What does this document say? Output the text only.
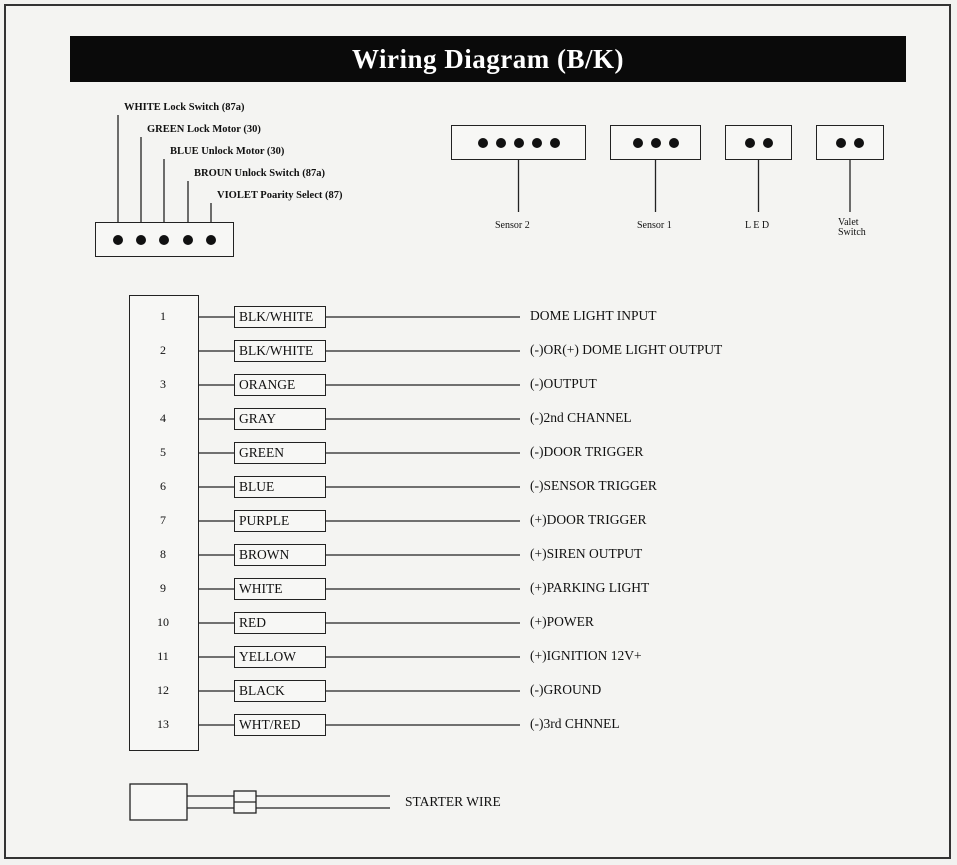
Wiring Diagram (B/K)
WHITE Lock Switch (87a)
GREEN Lock Motor (30)
BLUE Unlock Motor (30)
BROUN Unlock Switch (87a)
VIOLET Poarity Select (87)
Sensor 2	Sensor 1	L E D	Valet Switch
1	BLK/WHITE	DOME LIGHT INPUT
2	BLK/WHITE	(-)OR(+) DOME LIGHT OUTPUT
3	ORANGE	(-)OUTPUT
4	GRAY	(-)2nd CHANNEL
5	GREEN	(-)DOOR TRIGGER
6	BLUE	(-)SENSOR TRIGGER
7	PURPLE	(+)DOOR TRIGGER
8	BROWN	(+)SIREN OUTPUT
9	WHITE	(+)PARKING LIGHT
10	RED	(+)POWER
11	YELLOW	(+)IGNITION 12V+
12	BLACK	(-)GROUND
13	WHT/RED	(-)3rd CHNNEL
STARTER WIRE
